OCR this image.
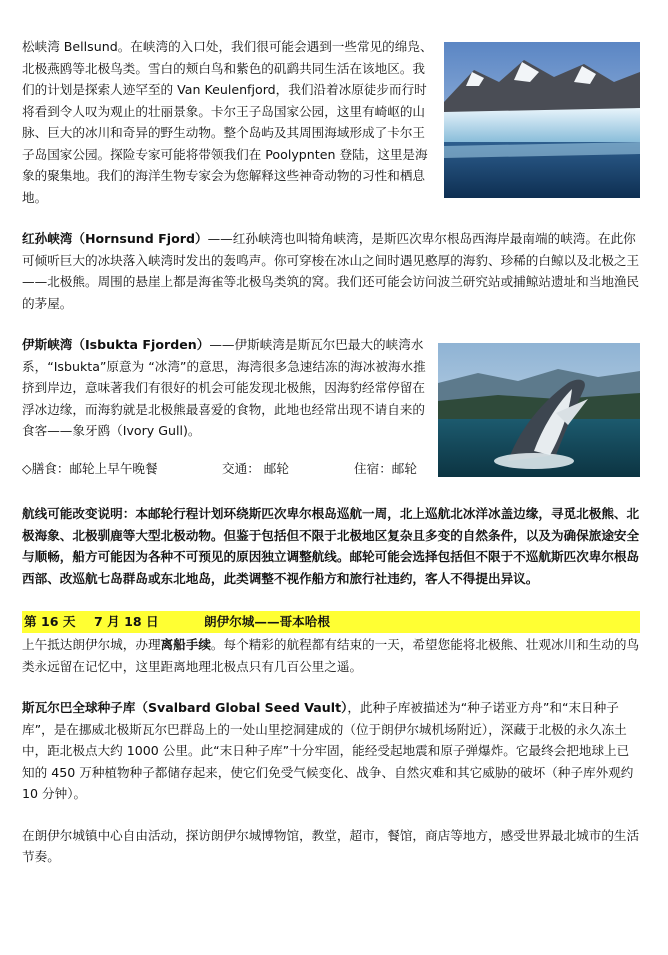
松峡湾 Bellsund。在峡湾的入口处，我们很可能会遇到一些常见的绵凫、北极燕鸥等北极鸟类。雪白的颊白鸟和紫色的矶鹞共同生活在该地区。我们的计划是探索人迹罕至的 Van Keulenfjord，我们沿着冰原徒步而行时将看到令人叹为观止的壮丽景象。卡尔王子岛国家公园，这里有崎岖的山脉、巨大的冰川和奇异的野生动物。整个岛屿及其周围海域形成了卡尔王子岛国家公园。探险专家可能将带领我们在 Poolypnten 登陆，这里是海象的聚集地。我们的海洋生物专家会为您解释这些神奇动物的习性和栖息地。

红孙峡湾（Hornsund Fjord）——红孙峡湾也叫犄角峡湾，是斯匹次卑尔根岛西海岸最南端的峡湾。在此你可倾听巨大的冰块落入峡湾时发出的轰鸣声。你可穿梭在冰山之间时遇见憨厚的海豹、珍稀的白鲸以及北极之王——北极熊。周围的悬崖上都是海雀等北极鸟类筑的窝。我们还可能会访问波兰研究站或捕鲸站遗址和当地渔民的茅屋。

伊斯峡湾（Isbukta Fjorden）——伊斯峡湾是斯瓦尔巴最大的峡湾水系，“Isbukta”原意为 “冰湾”的意思，海湾很多急速结冻的海冰被海水推挤到岸边，意味著我们有很好的机会可能发现北极熊，因海豹经常停留在浮冰边缘，而海豹就是北极熊最喜爱的食物，此地也经常出现不请自来的食客——象牙鸥（Ivory Gull)。

◇膳食：邮轮上早午晚餐	交通： 邮轮	住宿：邮轮

航线可能改变说明：本邮轮行程计划环绕斯匹次卑尔根岛巡航一周，北上巡航北冰洋冰盖边缘，寻觅北极熊、北极海象、北极驯鹿等大型北极动物。但鉴于包括但不限于北极地区复杂且多变的自然条件，以及为确保旅途安全与顺畅，船方可能因为各种不可预见的原因独立调整航线。邮轮可能会选择包括但不限于不巡航斯匹次卑尔根岛西部、改巡航七岛群岛或东北地岛，此类调整不视作船方和旅行社违约，客人不得提出异议。

第 16 天 7 月 18 日	朗伊尔城——哥本哈根

上午抵达朗伊尔城，办理离船手续。每个精彩的航程都有结束的一天，希望您能将北极熊、壮观冰川和生动的鸟类永远留在记忆中，这里距离地理北极点只有几百公里之遥。

斯瓦尔巴全球种子库（Svalbard Global Seed Vault），此种子库被描述为“种子诺亚方舟”和“末日种子库”，是在挪威北极斯瓦尔巴群岛上的一处山里挖洞建成的（位于朗伊尔城机场附近），深藏于北极的永久冻土中，距北极点大约 1000 公里。此“末日种子库”十分牢固，能经受起地震和原子弹爆炸。它最终会把地球上已知的 450 万种植物种子都储存起来，使它们免受气候变化、战争、自然灾难和其它威胁的破坏（种子库外观约 10 分钟）。

在朗伊尔城镇中心自由活动，探访朗伊尔城博物馆，教堂，超市，餐馆，商店等地方，感受世界最北城市的生活节奏。
